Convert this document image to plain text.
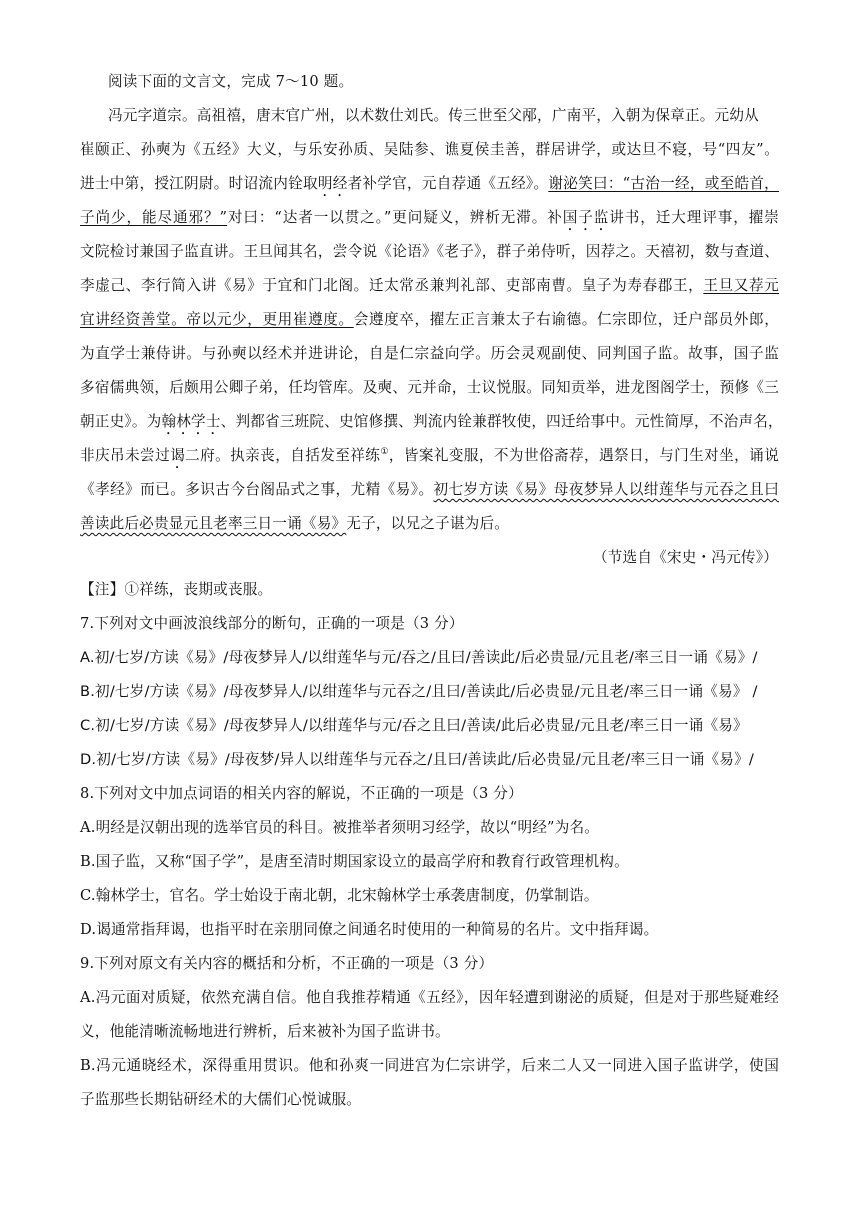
阅读下面的文言文，完成 7～10 题。
冯元字道宗。高祖禧，唐末官广州，以术数仕刘氏。传三世至父邴，广南平，入朝为保章正。元幼从
崔颐正、孙奭为《五经》大义，与乐安孙质、吴陆参、谯夏侯圭善，群居讲学，或达旦不寝，号“四友”。
进士中第，授江阴尉。时诏流内铨取明经者补学官，元自荐通《五经》。谢泌笑曰：“古治一经，或至皓首，
子尚少，能尽通邪？”对曰：“达者一以贯之。”更问疑义，辨析无滞。补国子监讲书，迁大理评事，擢崇
文院检讨兼国子监直讲。王旦闻其名，尝令说《论语》《老子》，群子弟侍听，因荐之。天禧初，数与查道、
李虚己、李行简入讲《易》于宜和门北阁。迁太常丞兼判礼部、吏部南曹。皇子为寿春郡王，王旦又荐元
宜讲经资善堂。帝以元少，更用崔遵度。会遵度卒，擢左正言兼太子右谕德。仁宗即位，迁户部员外郎，
为直学士兼侍讲。与孙奭以经术并进讲论，自是仁宗益向学。历会灵观副使、同判国子监。故事，国子监
多宿儒典领，后颇用公卿子弟，任均管库。及奭、元并命，士议悦服。同知贡举，进龙图阁学士，预修《三
朝正史》。为翰林学士、判都省三班院、史馆修撰、判流内铨兼群牧使，四迁给事中。元性简厚，不治声名，
非庆吊未尝过谒二府。执亲丧，自括发至祥练①，皆案礼变服，不为世俗斋荐，遇祭日，与门生对坐，诵说
《孝经》而已。多识古今台阁品式之事，尤精《易》。初七岁方读《易》母夜梦异人以绀莲华与元吞之且曰
善读此后必贵显元且老率三日一诵《易》无子，以兄之子谌为后。
（节选自《宋史・冯元传》）
【注】①祥练，丧期或丧服。
7.下列对文中画波浪线部分的断句，正确的一项是（3 分）
A.初/七岁/方读《易》/母夜梦异人/以绀莲华与元/吞之/且曰/善读此/后必贵显/元且老/率三日一诵《易》/
B.初/七岁/方读《易》/母夜梦异人/以绀莲华与元吞之/且曰/善读此/后必贵显/元且老/率三日一诵《易》 /
C.初/七岁/方读《易》/母夜梦异人/以绀莲华与元/吞之且曰/善读/此后必贵显/元且老/率三日一诵《易》
D.初/七岁/方读《易》/母夜梦/异人以绀莲华与元吞之/且曰/善读此/后必贵显/元且老/率三日一诵《易》/
8.下列对文中加点词语的相关内容的解说，不正确的一项是（3 分）
A.明经是汉朝出现的选举官员的科目。被推举者须明习经学，故以“明经”为名。
B.国子监，又称“国子学”，是唐至清时期国家设立的最高学府和教育行政管理机构。
C.翰林学士，官名。学士始设于南北朝，北宋翰林学士承袭唐制度，仍掌制诰。
D.谒通常指拜谒，也指平时在亲朋同僚之间通名时使用的一种简易的名片。文中指拜谒。
9.下列对原文有关内容的概括和分析，不正确的一项是（3 分）
A.冯元面对质疑，依然充满自信。他自我推荐精通《五经》，因年轻遭到谢泌的质疑，但是对于那些疑难经
义，他能清晰流畅地进行辨析，后来被补为国子监讲书。
B.冯元通晓经术，深得重用贯识。他和孙爽一同进宫为仁宗讲学，后来二人又一同进入国子监讲学，使国
子监那些长期钻研经术的大儒们心悦诚服。
